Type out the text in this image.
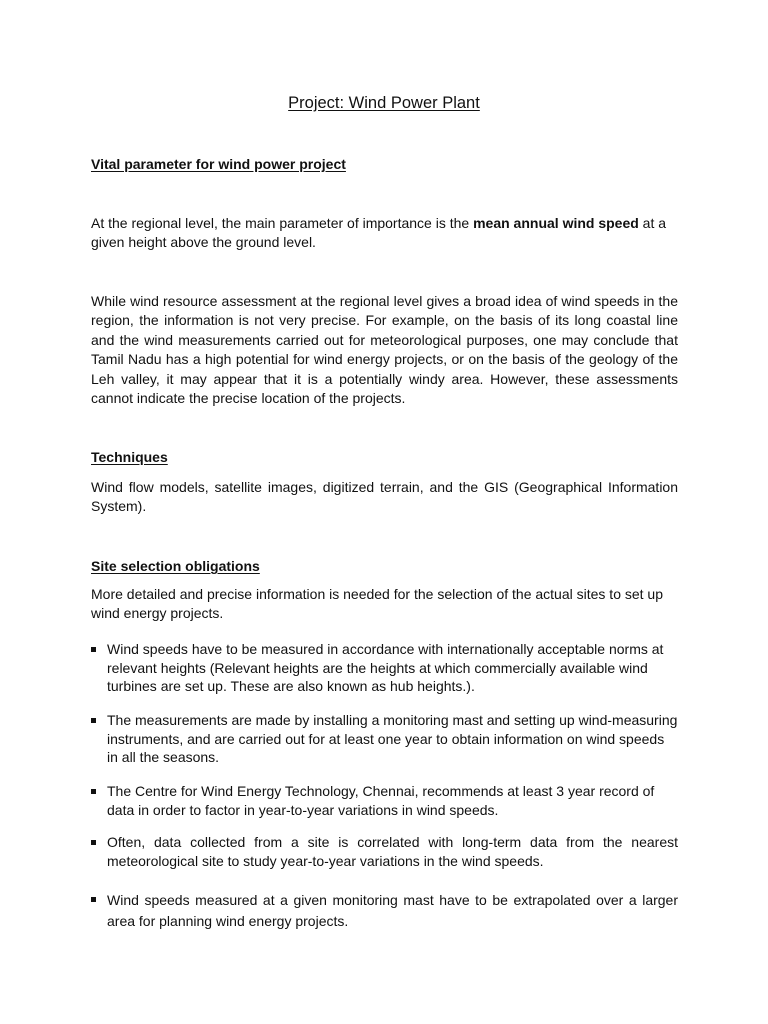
Project: Wind Power Plant
Vital parameter for wind power project

At the regional level, the main parameter of importance is the mean annual wind speed at a given height above the ground level.

While wind resource assessment at the regional level gives a broad idea of wind speeds in the region, the information is not very precise. For example, on the basis of its long coastal line and the wind measurements carried out for meteorological purposes, one may conclude that Tamil Nadu has a high potential for wind energy projects, or on the basis of the geology of the Leh valley, it may appear that it is a potentially windy area. However, these assessments cannot indicate the precise location of the projects.

Techniques

Wind flow models, satellite images, digitized terrain, and the GIS (Geographical Information System).

Site selection obligations

More detailed and precise information is needed for the selection of the actual sites to set up wind energy projects.

Wind speeds have to be measured in accordance with internationally acceptable norms at relevant heights (Relevant heights are the heights at which commercially available wind turbines are set up. These are also known as hub heights.).

The measurements are made by installing a monitoring mast and setting up wind-measuring instruments, and are carried out for at least one year to obtain information on wind speeds in all the seasons.

The Centre for Wind Energy Technology, Chennai, recommends at least 3 year record of data in order to factor in year-to-year variations in wind speeds.

Often, data collected from a site is correlated with long-term data from the nearest meteorological site to study year-to-year variations in the wind speeds.

Wind speeds measured at a given monitoring mast have to be extrapolated over a larger area for planning wind energy projects.
